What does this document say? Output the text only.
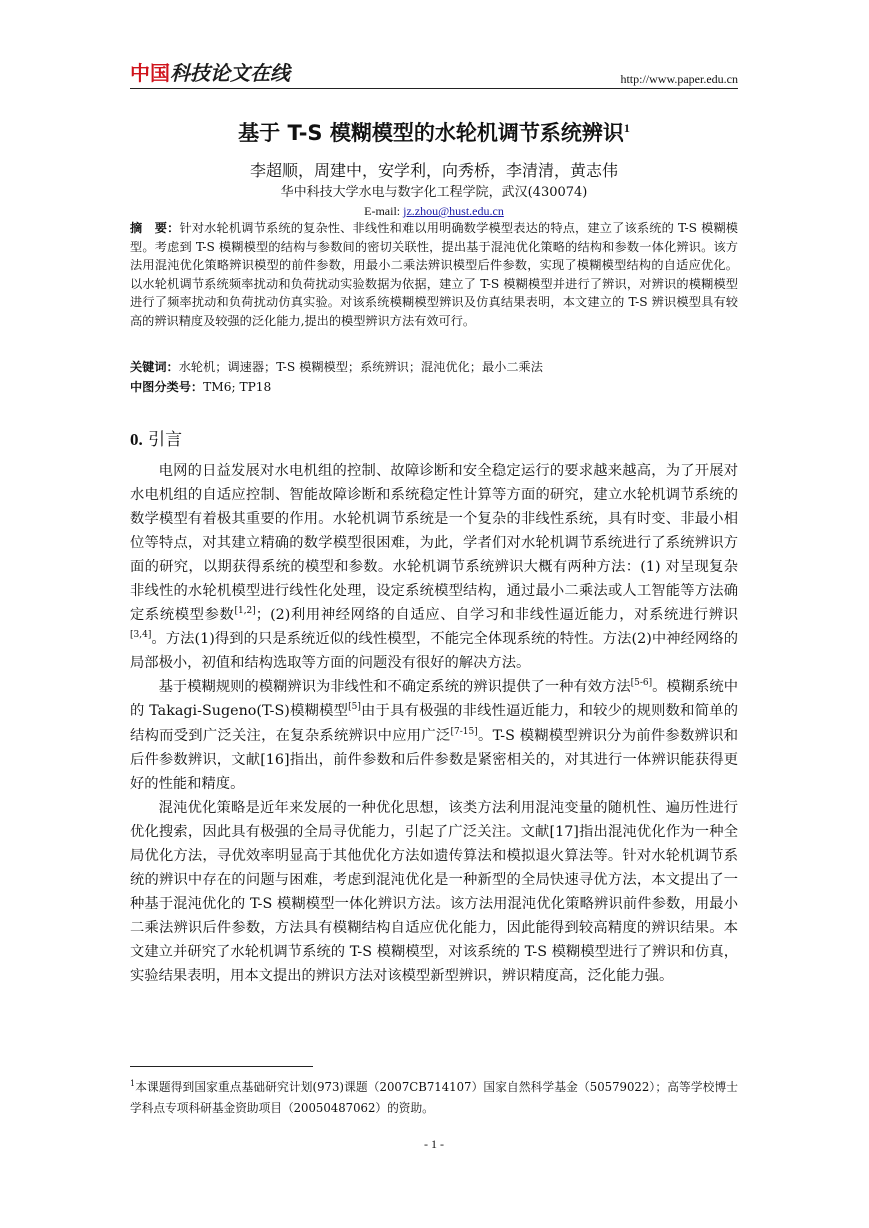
中国科技论文在线	http://www.paper.edu.cn
基于 T-S 模糊模型的水轮机调节系统辨识$^1$
李超顺，周建中，安学利，向秀桥，李清清，黄志伟
华中科技大学水电与数字化工程学院，武汉(430074)
E-mail: jz.zhou@hust.edu.cn
摘　要：针对水轮机调节系统的复杂性、非线性和难以用明确数学模型表达的特点，建立了该系统的 T-S 模糊模型。考虑到 T-S 模糊模型的结构与参数间的密切关联性，提出基于混沌优化策略的结构和参数一体化辨识。该方法用混沌优化策略辨识模型的前件参数，用最小二乘法辨识模型后件参数，实现了模糊模型结构的自适应优化。以水轮机调节系统频率扰动和负荷扰动实验数据为依据，建立了 T-S 模糊模型并进行了辨识，对辨识的模糊模型进行了频率扰动和负荷扰动仿真实验。对该系统模糊模型辨识及仿真结果表明，本文建立的 T-S 辨识模型具有较高的辨识精度及较强的泛化能力,提出的模型辨识方法有效可行。
关键词：水轮机；调速器；T-S 模糊模型；系统辨识；混沌优化；最小二乘法
中图分类号：TM6; TP18
0. 引言

电网的日益发展对水电机组的控制、故障诊断和安全稳定运行的要求越来越高，为了开展对水电机组的自适应控制、智能故障诊断和系统稳定性计算等方面的研究，建立水轮机调节系统的数学模型有着极其重要的作用。水轮机调节系统是一个复杂的非线性系统，具有时变、非最小相位等特点，对其建立精确的数学模型很困难，为此，学者们对水轮机调节系统进行了系统辨识方面的研究，以期获得系统的模型和参数。水轮机调节系统辨识大概有两种方法：(1) 对呈现复杂非线性的水轮机模型进行线性化处理，设定系统模型结构，通过最小二乘法或人工智能等方法确定系统模型参数[1,2]；(2)利用神经网络的自适应、自学习和非线性逼近能力，对系统进行辨识[3,4]。方法(1)得到的只是系统近似的线性模型，不能完全体现系统的特性。方法(2)中神经网络的局部极小，初值和结构选取等方面的问题没有很好的解决方法。

基于模糊规则的模糊辨识为非线性和不确定系统的辨识提供了一种有效方法[5-6]。模糊系统中的 Takagi-Sugeno(T-S)模糊模型[5]由于具有极强的非线性逼近能力，和较少的规则数和简单的结构而受到广泛关注，在复杂系统辨识中应用广泛[7-15]。T-S 模糊模型辨识分为前件参数辨识和后件参数辨识，文献[16]指出，前件参数和后件参数是紧密相关的，对其进行一体辨识能获得更好的性能和精度。

混沌优化策略是近年来发展的一种优化思想，该类方法利用混沌变量的随机性、遍历性进行优化搜索，因此具有极强的全局寻优能力，引起了广泛关注。文献[17]指出混沌优化作为一种全局优化方法，寻优效率明显高于其他优化方法如遗传算法和模拟退火算法等。针对水轮机调节系统的辨识中存在的问题与困难，考虑到混沌优化是一种新型的全局快速寻优方法，本文提出了一种基于混沌优化的 T-S 模糊模型一体化辨识方法。该方法用混沌优化策略辨识前件参数，用最小二乘法辨识后件参数，方法具有模糊结构自适应优化能力，因此能得到较高精度的辨识结果。本文建立并研究了水轮机调节系统的 T-S 模糊模型，对该系统的 T-S 模糊模型进行了辨识和仿真，实验结果表明，用本文提出的辨识方法对该模型新型辨识，辨识精度高，泛化能力强。

$^1$本课题得到国家重点基础研究计划(973)课题（2007CB714107）国家自然科学基金（50579022）；高等学校博士学科点专项科研基金资助项目（20050487062）的资助。
- 1 -
